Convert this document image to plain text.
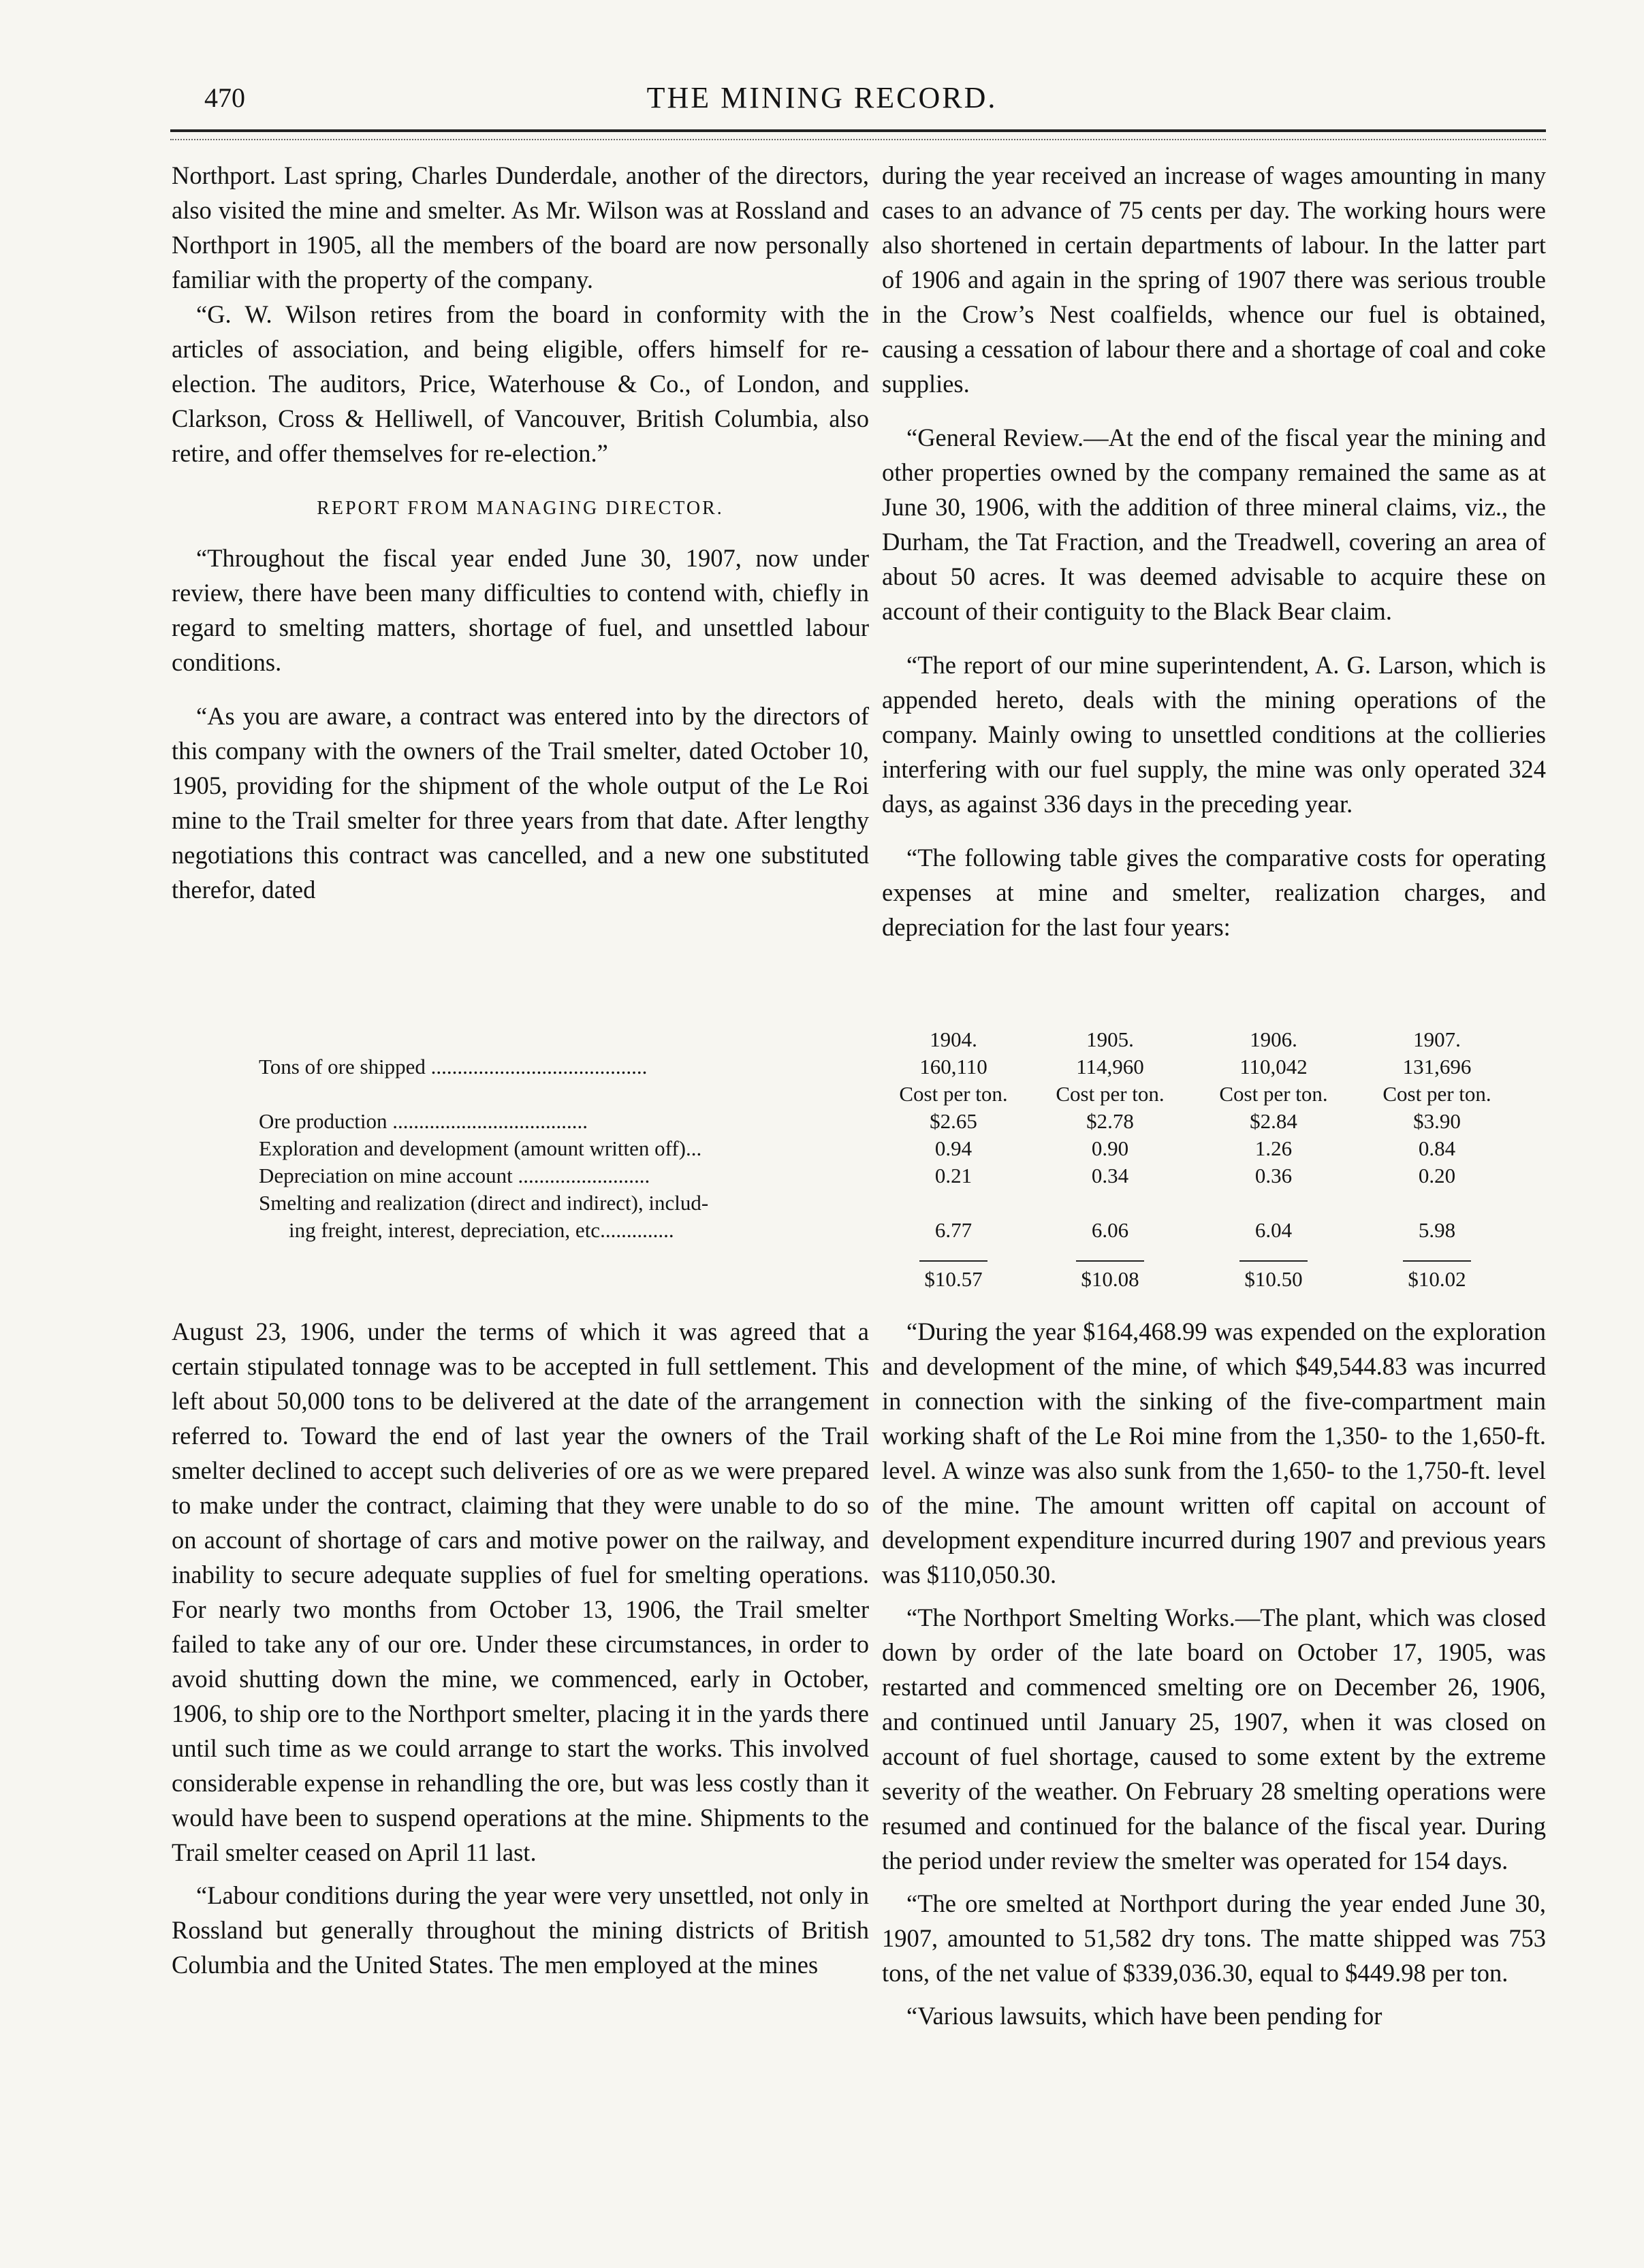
470	THE MINING RECORD.

Northport. Last spring, Charles Dunderdale, another of the directors, also visited the mine and smelter. As Mr. Wilson was at Rossland and Northport in 1905, all the members of the board are now personally familiar with the property of the company.

“G. W. Wilson retires from the board in conformity with the articles of association, and being eligible, offers himself for re-election. The auditors, Price, Waterhouse & Co., of London, and Clarkson, Cross & Helliwell, of Vancouver, British Columbia, also retire, and offer themselves for re-election.”

REPORT FROM MANAGING DIRECTOR.

“Throughout the fiscal year ended June 30, 1907, now under review, there have been many difficulties to contend with, chiefly in regard to smelting matters, shortage of fuel, and unsettled labour conditions.

“As you are aware, a contract was entered into by the directors of this company with the owners of the Trail smelter, dated October 10, 1905, providing for the shipment of the whole output of the Le Roi mine to the Trail smelter for three years from that date. After lengthy negotiations this contract was cancelled, and a new one substituted therefor, dated

during the year received an increase of wages amounting in many cases to an advance of 75 cents per day. The working hours were also shortened in certain departments of labour. In the latter part of 1906 and again in the spring of 1907 there was serious trouble in the Crow’s Nest coalfields, whence our fuel is obtained, causing a cessation of labour there and a shortage of coal and coke supplies.

“General Review.—At the end of the fiscal year the mining and other properties owned by the company remained the same as at June 30, 1906, with the addition of three mineral claims, viz., the Durham, the Tat Fraction, and the Treadwell, covering an area of about 50 acres. It was deemed advisable to acquire these on account of their contiguity to the Black Bear claim.

“The report of our mine superintendent, A. G. Larson, which is appended hereto, deals with the mining operations of the company. Mainly owing to unsettled conditions at the collieries interfering with our fuel supply, the mine was only operated 324 days, as against 336 days in the preceding year.

“The following table gives the comparative costs for operating expenses at mine and smelter, realization charges, and depreciation for the last four years:

1904.	1905.	1906.	1907.
Tons of ore shipped .........................................	160,110	114,960	110,042	131,696
Cost per ton.	Cost per ton.	Cost per ton.	Cost per ton.
Ore production .....................................	$2.65	$2.78	$2.84	$3.90
Exploration and development (amount written off)...	0.94	0.90	1.26	0.84
Depreciation on mine account .........................	0.21	0.34	0.36	0.20
Smelting and realization (direct and indirect), includ-
ing freight, interest, depreciation, etc..............	6.77	6.06	6.04	5.98
$10.57	$10.08	$10.50	$10.02

August 23, 1906, under the terms of which it was agreed that a certain stipulated tonnage was to be accepted in full settlement. This left about 50,000 tons to be delivered at the date of the arrangement referred to. Toward the end of last year the owners of the Trail smelter declined to accept such deliveries of ore as we were prepared to make under the contract, claiming that they were unable to do so on account of shortage of cars and motive power on the railway, and inability to secure adequate supplies of fuel for smelting operations. For nearly two months from October 13, 1906, the Trail smelter failed to take any of our ore. Under these circumstances, in order to avoid shutting down the mine, we commenced, early in October, 1906, to ship ore to the Northport smelter, placing it in the yards there until such time as we could arrange to start the works. This involved considerable expense in rehandling the ore, but was less costly than it would have been to suspend operations at the mine. Shipments to the Trail smelter ceased on April 11 last.

“Labour conditions during the year were very unsettled, not only in Rossland but generally throughout the mining districts of British Columbia and the United States. The men employed at the mines

“During the year $164,468.99 was expended on the exploration and development of the mine, of which $49,544.83 was incurred in connection with the sinking of the five-compartment main working shaft of the Le Roi mine from the 1,350- to the 1,650-ft. level. A winze was also sunk from the 1,650- to the 1,750-ft. level of the mine. The amount written off capital on account of development expenditure incurred during 1907 and previous years was $110,050.30.

“The Northport Smelting Works.—The plant, which was closed down by order of the late board on October 17, 1905, was restarted and commenced smelting ore on December 26, 1906, and continued until January 25, 1907, when it was closed on account of fuel shortage, caused to some extent by the extreme severity of the weather. On February 28 smelting operations were resumed and continued for the balance of the fiscal year. During the period under review the smelter was operated for 154 days.

“The ore smelted at Northport during the year ended June 30, 1907, amounted to 51,582 dry tons. The matte shipped was 753 tons, of the net value of $339,036.30, equal to $449.98 per ton.

“Various lawsuits, which have been pending for
